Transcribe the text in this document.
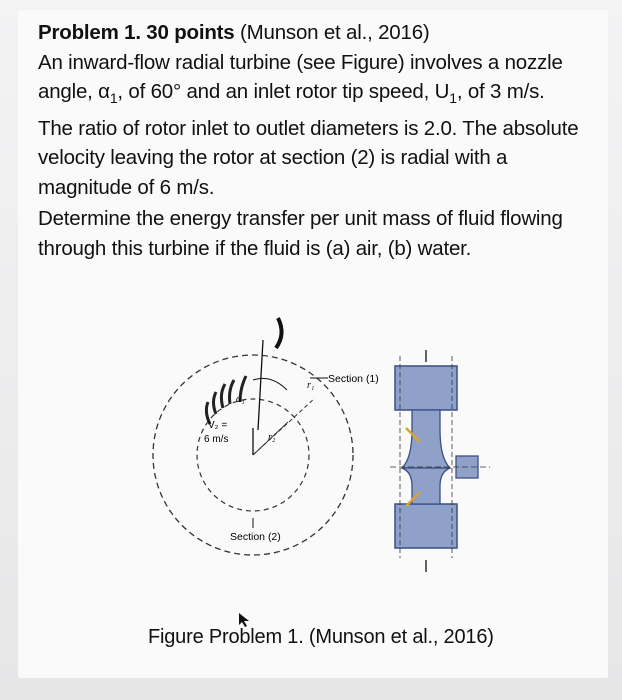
Problem 1. 30 points (Munson et al., 2016)

An inward-flow radial turbine (see Figure) involves a nozzle
angle, $\alpha_1$, of 60° and an inlet rotor tip speed, $U_1$, of 3 m/s.
The ratio of rotor inlet to outlet diameters is 2.0. The absolute
velocity leaving the rotor at section (2) is radial with a
magnitude of 6 m/s.

Determine the energy transfer per unit mass of fluid flowing
through this turbine if the fluid is (a) air, (b) water.

α₁
r₁
r₂
V₂ =
6 m/s
Section (1)
Section (2)
Figure Problem 1. (Munson et al., 2016)
